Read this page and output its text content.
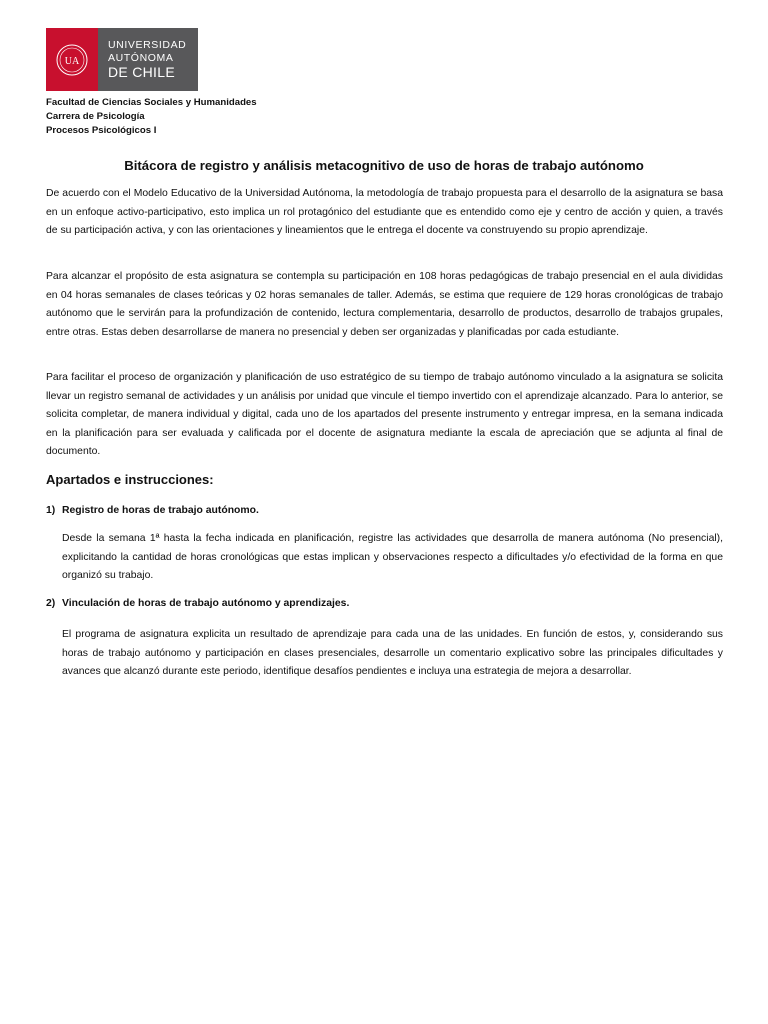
UA
UNIVERSIDAD
AUTÓNOMA
DE CHILE
Facultad de Ciencias Sociales y Humanidades
Carrera de Psicología
Procesos Psicológicos I
Bitácora de registro y análisis metacognitivo de uso de horas de trabajo autónomo

De acuerdo con el Modelo Educativo de la Universidad Autónoma, la metodología de trabajo propuesta para el desarrollo de la asignatura se basa en un enfoque activo-participativo, esto implica un rol protagónico del estudiante que es entendido como eje y centro de acción y quien, a través de su participación activa, y con las orientaciones y lineamientos que le entrega el docente va construyendo su propio aprendizaje.

Para alcanzar el propósito de esta asignatura se contempla su participación en 108 horas pedagógicas de trabajo presencial en el aula divididas en 04 horas semanales de clases teóricas y 02 horas semanales de taller. Además, se estima que requiere de 129 horas cronológicas de trabajo autónomo que le servirán para la profundización de contenido, lectura complementaria, desarrollo de productos, desarrollo de trabajos grupales, entre otras. Estas deben desarrollarse de manera no presencial y deben ser organizadas y planificadas por cada estudiante.

Para facilitar el proceso de organización y planificación de uso estratégico de su tiempo de trabajo autónomo vinculado a la asignatura se solicita llevar un registro semanal de actividades y un análisis por unidad que vincule el tiempo invertido con el aprendizaje alcanzado. Para lo anterior, se solicita completar, de manera individual y digital, cada uno de los apartados del presente instrumento y entregar impresa, en la semana indicada en la planificación para ser evaluada y calificada por el docente de asignatura mediante la escala de apreciación que se adjunta al final de documento.

Apartados e instrucciones:
1) Registro de horas de trabajo autónomo.

Desde la semana 1ª hasta la fecha indicada en planificación, registre las actividades que desarrolla de manera autónoma (No presencial), explicitando la cantidad de horas cronológicas que estas implican y observaciones respecto a dificultades y/o efectividad de la forma en que organizó su trabajo.

2) Vinculación de horas de trabajo autónomo y aprendizajes.

El programa de asignatura explicita un resultado de aprendizaje para cada una de las unidades. En función de estos, y, considerando sus horas de trabajo autónomo y participación en clases presenciales, desarrolle un comentario explicativo sobre las principales dificultades y avances que alcanzó durante este periodo, identifique desafíos pendientes e incluya una estrategia de mejora a desarrollar.
